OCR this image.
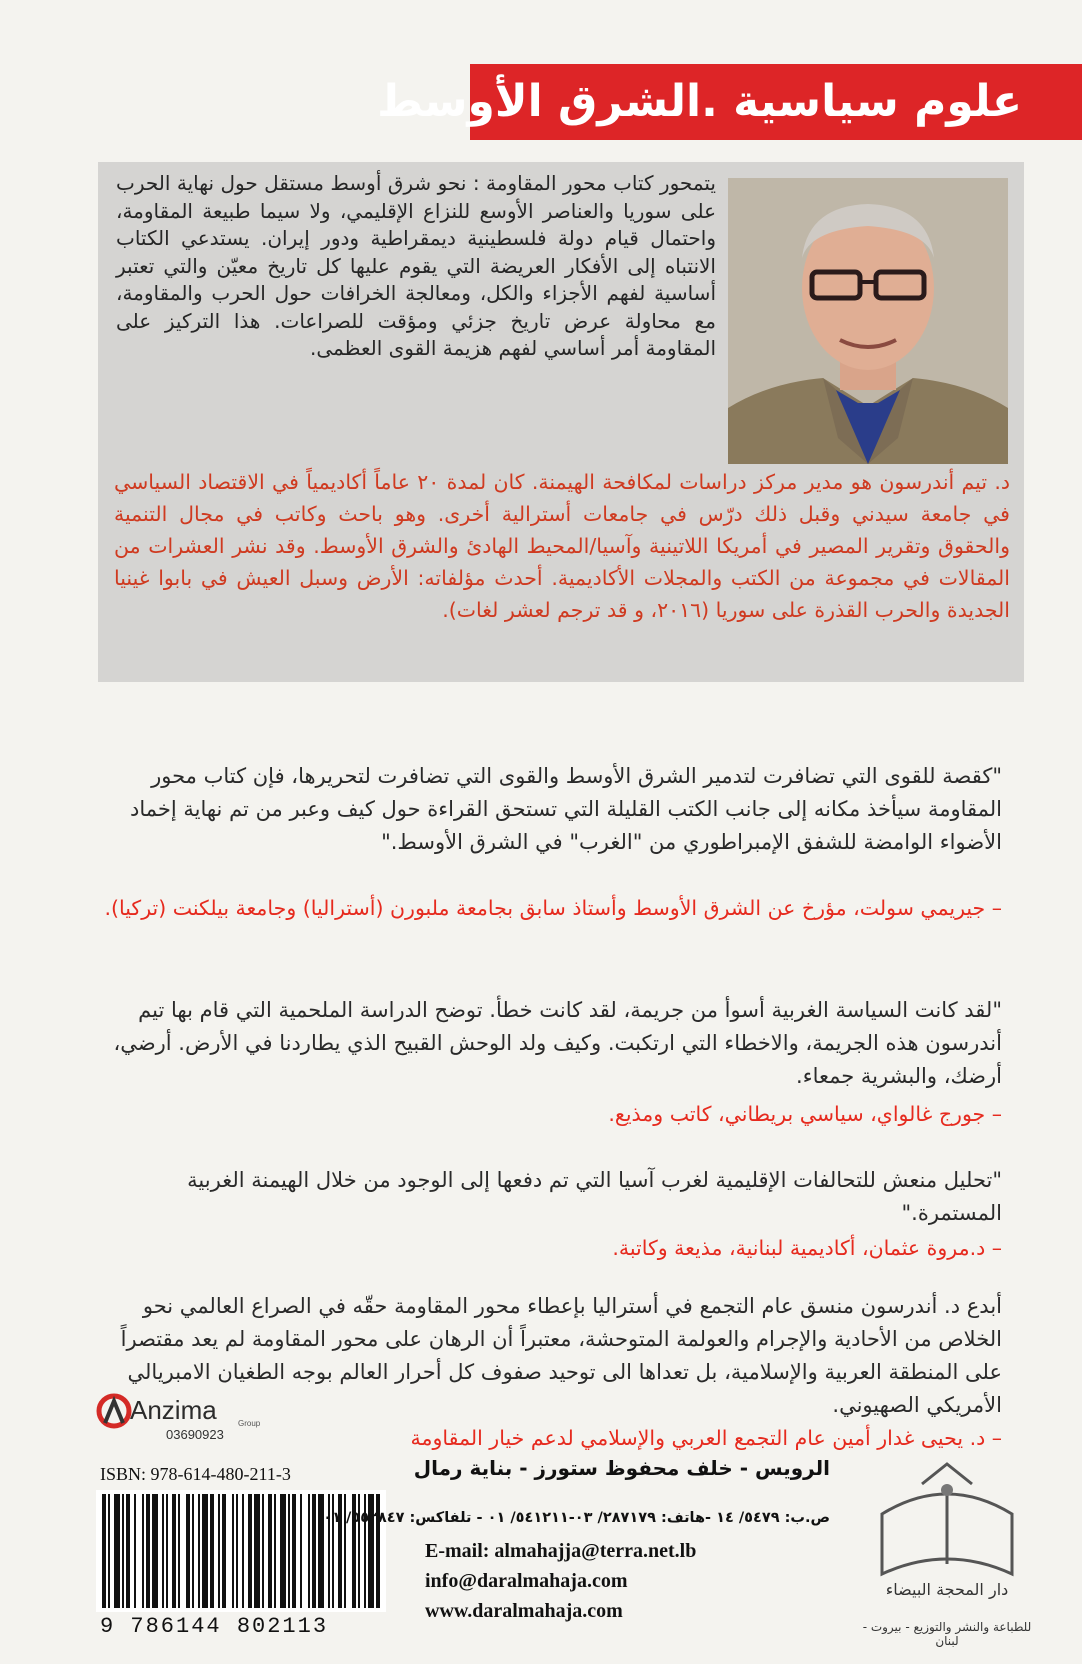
علوم سياسية .الشرق الأوسط

يتمحور كتاب محور المقاومة : نحو شرق أوسط مستقل حول نهاية الحرب على سوريا والعناصر الأوسع للنزاع الإقليمي، ولا سيما طبيعة المقاومة، واحتمال قيام دولة فلسطينية ديمقراطية ودور إيران. يستدعي الكتاب الانتباه إلى الأفكار العريضة التي يقوم عليها كل تاريخ معيّن والتي تعتبر أساسية لفهم الأجزاء والكل، ومعالجة الخرافات حول الحرب والمقاومة، مع محاولة عرض تاريخ جزئي ومؤقت للصراعات. هذا التركيز على المقاومة أمر أساسي لفهم هزيمة القوى العظمى.

د. تيم أندرسون هو مدير مركز دراسات لمكافحة الهيمنة. كان لمدة ٢٠ عاماً أكاديمياً في الاقتصاد السياسي في جامعة سيدني وقبل ذلك درّس في جامعات أسترالية أخرى. وهو باحث وكاتب في مجال التنمية والحقوق وتقرير المصير في أمريكا اللاتينية وآسيا/المحيط الهادئ والشرق الأوسط. وقد نشر العشرات من المقالات في مجموعة من الكتب والمجلات الأكاديمية. أحدث مؤلفاته: الأرض وسبل العيش في بابوا غينيا الجديدة والحرب القذرة على سوريا (٢٠١٦، و قد ترجم لعشر لغات).

"كقصة للقوى التي تضافرت لتدمير الشرق الأوسط والقوى التي تضافرت لتحريرها، فإن كتاب محور المقاومة سيأخذ مكانه إلى جانب الكتب القليلة التي تستحق القراءة حول كيف وعبر من تم نهاية إخماد الأضواء الوامضة للشفق الإمبراطوري من "الغرب" في الشرق الأوسط."

– جيريمي سولت، مؤرخ عن الشرق الأوسط وأستاذ سابق بجامعة ملبورن (أستراليا) وجامعة بيلكنت (تركيا).

"لقد كانت السياسة الغربية أسوأ من جريمة، لقد كانت خطأ. توضح الدراسة الملحمية التي قام بها تيم أندرسون هذه الجريمة، والاخطاء التي ارتكبت. وكيف ولد الوحش القبيح الذي يطاردنا في الأرض. أرضي، أرضك، والبشرية جمعاء.

– جورج غالواي، سياسي بريطاني، كاتب ومذيع.

"تحليل منعش للتحالفات الإقليمية لغرب آسيا التي تم دفعها إلى الوجود من خلال الهيمنة الغربية المستمرة."

– د.مروة عثمان، أكاديمية لبنانية، مذيعة وكاتبة.

أبدع د. أندرسون منسق عام التجمع في أستراليا بإعطاء محور المقاومة حقّه في الصراع العالمي نحو الخلاص من الأحادية والإجرام والعولمة المتوحشة، معتبراً أن الرهان على محور المقاومة لم يعد مقتصراً على المنطقة العربية والإسلامية، بل تعداها الى توحيد صفوف كل أحرار العالم بوجه الطغيان الامبريالي الأمريكي الصهيوني.

– د. يحيى غدار أمين عام التجمع العربي والإسلامي لدعم خيار المقاومة

Anzima	Group
03690923
ISBN: 978-614-480-211-3
9 786144 802113
الرويس - خلف محفوظ ستورز - بناية رمال
ص.ب: ٥٤٧٩/ ١٤ -هاتف: ٢٨٧١٧٩/ ٠٣-٥٤١٢١١/ ٠١ - تلفاكس: ٥٥٢٨٤٧/ ٠١
E-mail: almahajja@terra.net.lb
info@daralmahaja.com
www.daralmahaja.com
دار المحجة البيضاء
للطباعة والنشر والتوزيع - بيروت - لبنان
